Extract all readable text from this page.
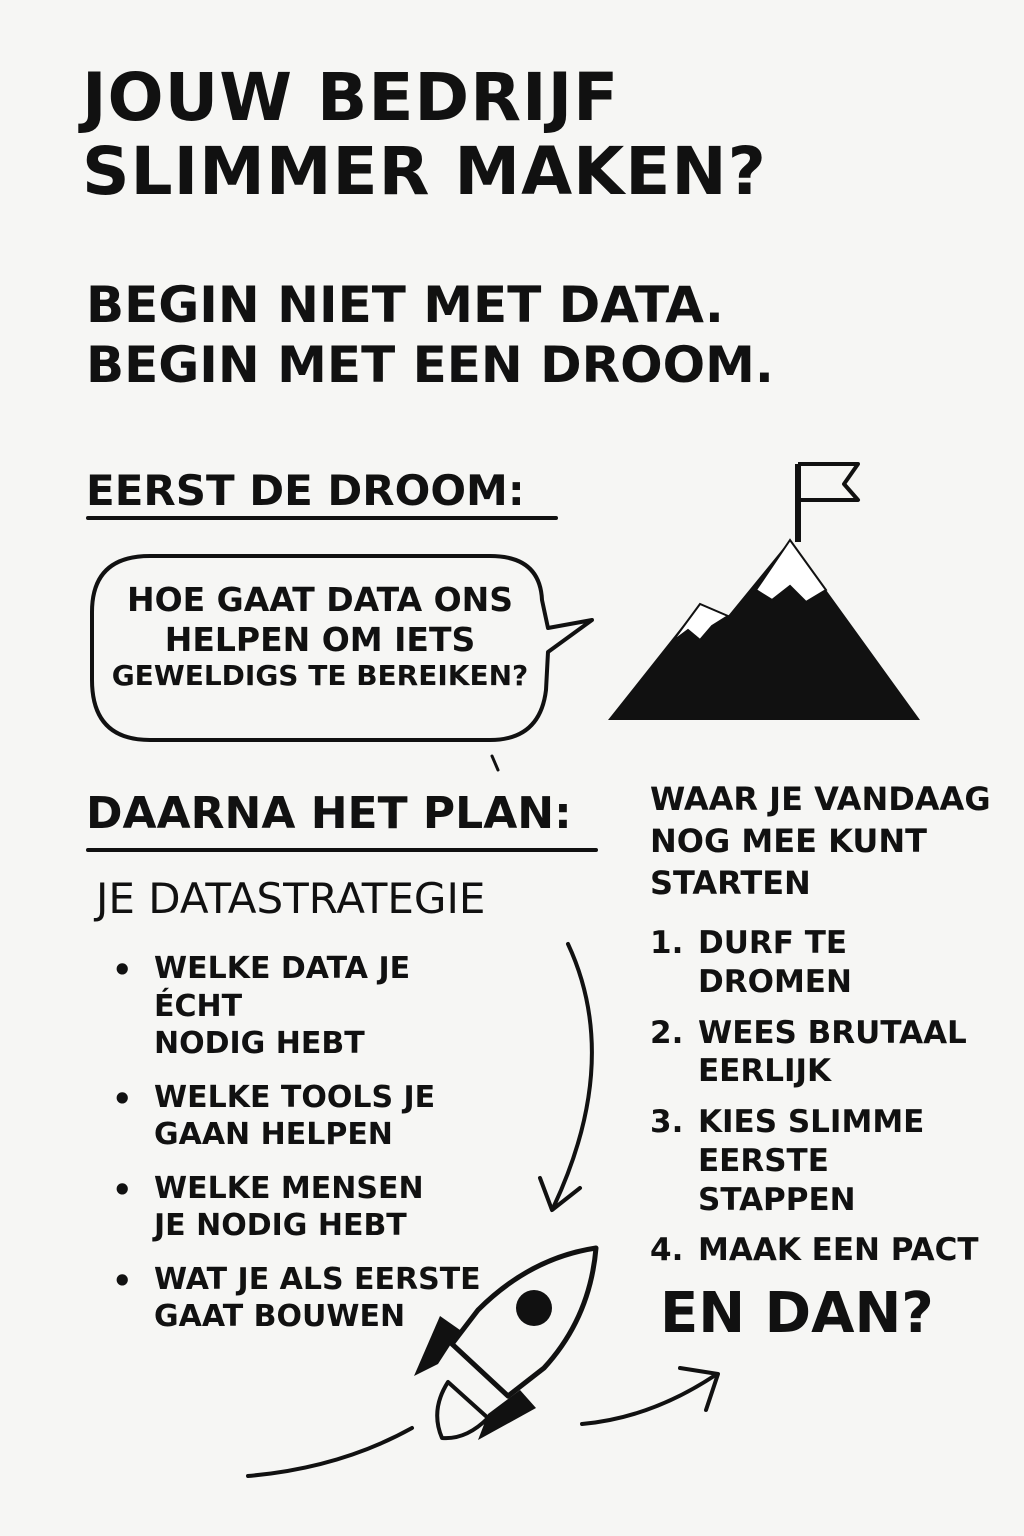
JOUW BEDRIJF
SLIMMER MAKEN?
BEGIN NIET MET DATA.
BEGIN MET EEN DROOM.
EERST DE DROOM:
HOE GAAT DATA ONS
HELPEN OM IETS
GEWELDIGS TE BEREIKEN?
DAARNA HET PLAN:
JE DATASTRATEGIE
• WELKE DATA JE ÉCHT
NODIG HEBT
• WELKE TOOLS JE
GAAN HELPEN
• WELKE MENSEN
JE NODIG HEBT
• WAT JE ALS EERSTE
GAAT BOUWEN
WAAR JE VANDAAG
NOG MEE KUNT
STARTEN
1. DURF TE
DROMEN
2. WEES BRUTAAL
EERLIJK
3. KIES SLIMME
EERSTE STAPPEN
4. MAAK EEN PACT
EN DAN?
